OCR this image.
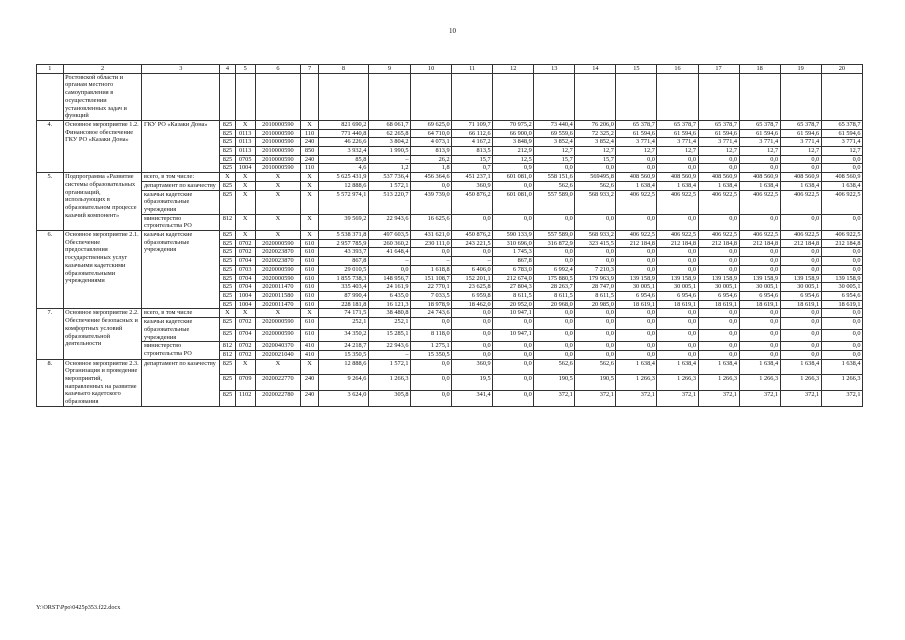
10
1	2	3	4	5	6	7	8	9	10	11	12	13	14	15	16	17	18	19	20
	Ростовской области и органам местного самоуправления в осуществлении установленных задач и функций																		
4.	Основное мероприятие 1.2. Финансовое обеспечение ГКУ РО «Казаки Дона»	ГКУ РО «Казаки Дона»	825	Х	2010000590	Х	821 690,2	68 061,7	69 625,0	71 109,7	70 975,2	73 440,4	76 206,0	65 378,7	65 378,7	65 378,7	65 378,7	65 378,7	65 378,7
			825	0113	2010000590	110	771 440,8	62 265,8	64 710,0	66 112,6	66 900,0	69 559,6	72 325,2	61 594,6	61 594,6	61 594,6	61 594,6	61 594,6	61 594,6
			825	0113	2010000590	240	46 226,6	3 804,2	4 073,1	4 167,2	3 848,9	3 852,4	3 852,4	3 771,4	3 771,4	3 771,4	3 771,4	3 771,4	3 771,4
			825	0113	2010000590	850	3 932,4	1 990,5	813,9	813,5	212,9	12,7	12,7	12,7	12,7	12,7	12,7	12,7	12,7
			825	0705	2010000590	240	85,8	–	26,2	15,7	12,5	15,7	15,7	0,0	0,0	0,0	0,0	0,0	0,0
			825	1004	2010000590	110	4,6	1,2	1,8	0,7	0,9	0,0	0,0	0,0	0,0	0,0	0,0	0,0	0,0
5.	Подпрограмма «Развитие системы образовательных организаций, использующих в образовательном процессе казачий компонент»	всего, в том числе:	Х	Х	Х	Х	5 625 431,9	537 736,4	456 364,6	451 237,1	601 081,0	558 151,6	569495,8	408 560,9	408 560,9	408 560,9	408 560,9	408 560,9	408 560,9
		департамент по казачеству	825	Х	Х	Х	12 888,6	1 572,1	0,0	360,9	0,0	562,6	562,6	1 638,4	1 638,4	1 638,4	1 638,4	1 638,4	1 638,4
		казачьи кадетские образовательные учреждения	825	Х	Х	Х	5 572 974,1	513 220,7	439 739,0	450 876,2	601 081,0	557 589,0	568 933,2	406 922,5	406 922,5	406 922,5	406 922,5	406 922,5	406 922,5
		министерство строительства РО	812	Х	Х	Х	39 569,2	22 943,6	16 625,6	0,0	0,0	0,0	0,0	0,0	0,0	0,0	0,0	0,0	0,0
6.	Основное мероприятие 2.1. Обеспечение предоставления государственных услуг казачьими кадетскими образовательными учреждениями	казачьи кадетские образовательные учреждения	825	Х	Х	Х	5 538 371,8	497 603,5	431 621,0	450 876,2	590 133,9	557 589,0	568 933,2	406 922,5	406 922,5	406 922,5	406 922,5	406 922,5	406 922,5
			825	0702	2020000590	610	2 957 785,9	260 360,2	230 111,0	243 221,5	310 696,0	316 872,9	323 415,5	212 184,8	212 184,8	212 184,8	212 184,8	212 184,8	212 184,8
			825	0702	2020023870	610	43 393,7	41 648,4	0,0	0,0	1 745,3	0,0	0,0	0,0	0,0	0,0	0,0	0,0	0,0
			825	0704	2020023870	610	867,8	–	–	–	867,8	0,0	0,0	0,0	0,0	0,0	0,0	0,0	0,0
			825	0703	2020000590	610	29 010,5	0,0	1 618,8	6 406,0	6 783,0	6 992,4	7 210,3	0,0	0,0	0,0	0,0	0,0	0,0
			825	0704	2020000590	610	1 855 738,3	148 956,7	151 108,7	152 201,1	212 674,0	175 880,5	179 963,9	139 158,9	139 158,9	139 158,9	139 158,9	139 158,9	139 158,9
			825	0704	2020011470	610	335 403,4	24 161,9	22 770,1	23 625,8	27 804,3	28 263,7	28 747,0	30 005,1	30 005,1	30 005,1	30 005,1	30 005,1	30 005,1
			825	1004	2020011580	610	87 990,4	6 435,0	7 033,5	6 959,8	8 611,5	8 611,5	8 611,5	6 954,6	6 954,6	6 954,6	6 954,6	6 954,6	6 954,6
			825	1004	2020011470	610	228 181,8	16 121,3	18 978,9	18 462,0	20 952,0	20 968,0	20 985,0	18 619,1	18 619,1	18 619,1	18 619,1	18 619,1	18 619,1
7.	Основное мероприятие 2.2. Обеспечение безопасных и комфортных условий образовательной деятельности	всего, в том числе	Х	Х	Х	Х	74 171,5	38 480,8	24 743,6	0,0	10 947,1	0,0	0,0	0,0	0,0	0,0	0,0	0,0	0,0
		казачьи кадетские образовательные учреждения	825	0702	2020000590	610	252,1	252,1	0,0	0,0	0,0	0,0	0,0	0,0	0,0	0,0	0,0	0,0	0,0
			825	0704	2020000590	610	34 350,2	15 285,1	8 118,0	0,0	10 947,1	0,0	0,0	0,0	0,0	0,0	0,0	0,0	0,0
		министерство строительства РО	812	0702	2020040370	410	24 218,7	22 943,6	1 275,1	0,0	0,0	0,0	0,0	0,0	0,0	0,0	0,0	0,0	0,0
			812	0702	2020021040	410	15 350,5	–	15 350,5	0,0	0,0	0,0	0,0	0,0	0,0	0,0	0,0	0,0	0,0
8.	Основное мероприятие 2.3. Организация и проведение мероприятий, направленных на развитие казачьего кадетского образования	департамент по казачеству	825	Х	Х	Х	12 888,6	1 572,1	0,0	360,9	0,0	562,6	562,6	1 638,4	1 638,4	1 638,4	1 638,4	1 638,4	1 638,4
			825	0709	2020022770	240	9 264,6	1 266,3	0,0	19,5	0,0	190,5	190,5	1 266,3	1 266,3	1 266,3	1 266,3	1 266,3	1 266,3
			825	1102	2020022780	240	3 624,0	305,8	0,0	341,4	0,0	372,1	372,1	372,1	372,1	372,1	372,1	372,1	372,1
Y:\ORST\Ppo\0425p353.f22.docx
